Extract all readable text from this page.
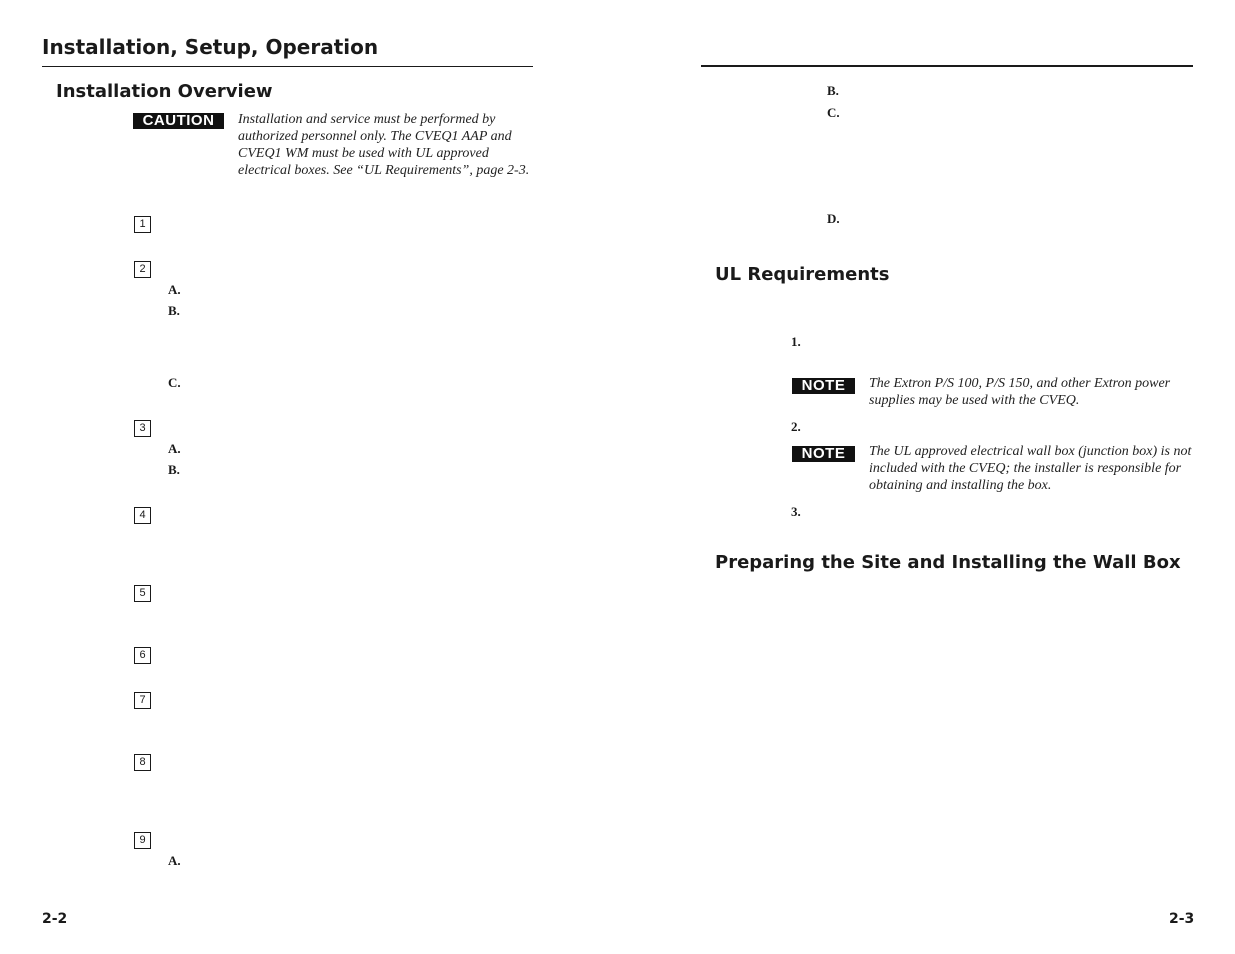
Installation, Setup, Operation
Installation Overview
CAUTION	Installation and service must be performed by
authorized personnel only. The CVEQ1 AAP and
CVEQ1 WM must be used with UL approved
electrical boxes. See “UL Requirements”, page 2-3.
1
2
A.
B.
C.
3
A.
B.
4
5
6
7
8
9
A.
2-2
B.
C.
D.
UL Requirements
1.
NOTE	The Extron P/S 100, P/S 150, and other Extron power
supplies may be used with the CVEQ.
2.
NOTE	The UL approved electrical wall box (junction box) is not
included with the CVEQ; the installer is responsible for
obtaining and installing the box.
3.
Preparing the Site and Installing the Wall Box
2-3
